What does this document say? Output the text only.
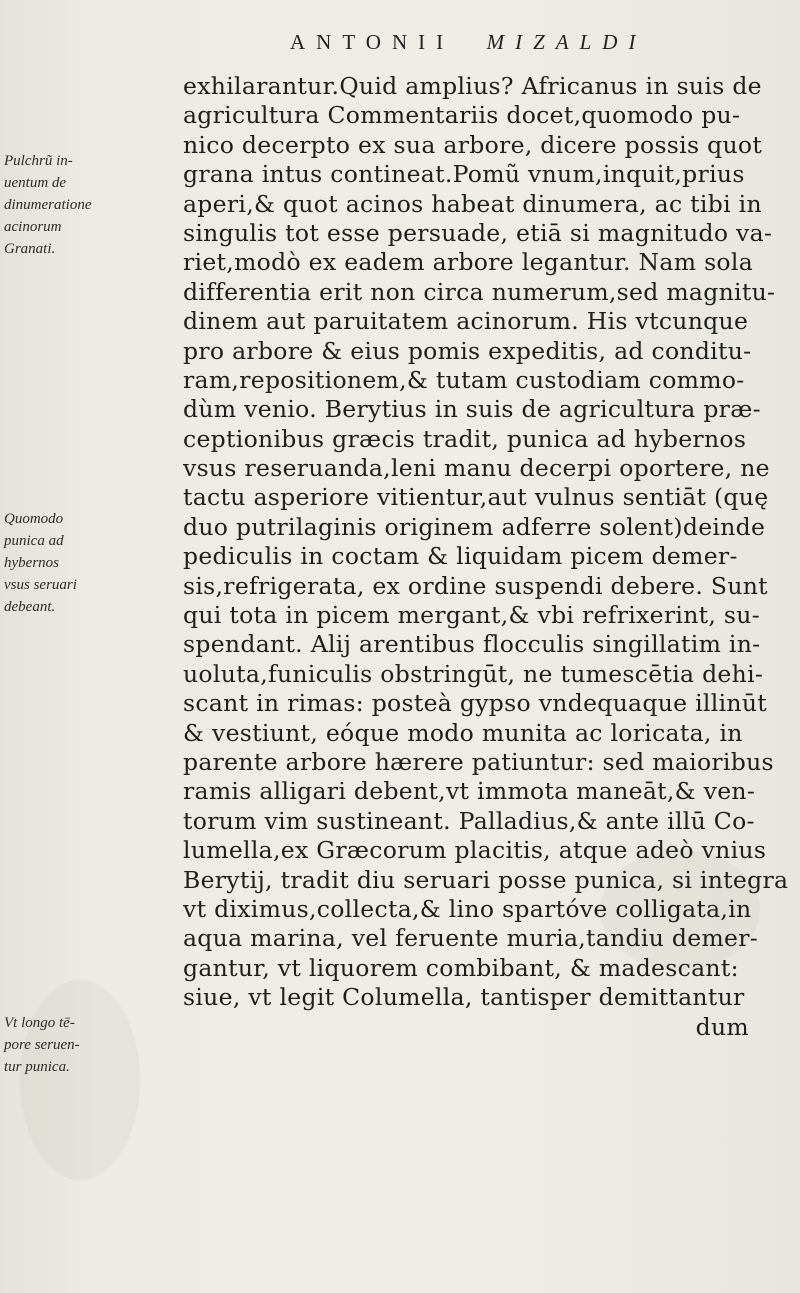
ANTONII MIZALDI
Pulchrũ in-
uentum de
dinumeratione
acinorum
Granati.
Quomodo
punica ad
hybernos
vsus seruari
debeant.
Vt longo tē-
pore seruen-
tur punica.
exhilarantur.Quid amplius? Africanus in suis de
agricultura Commentariis docet,quomodo pu-
nico decerpto ex sua arbore, dicere possis quot
grana intus contineat.Pomũ vnum,inquit,prius
aperi,& quot acinos habeat dinumera, ac tibi in
singulis tot esse persuade, etiā si magnitudo va-
riet,modò ex eadem arbore legantur. Nam sola
differentia erit non circa numerum,sed magnitu-
dinem aut paruitatem acinorum. His vtcunque
pro arbore & eius pomis expeditis, ad conditu-
ram,repositionem,& tutam custodiam commo-
dùm venio. Berytius in suis de agricultura præ-
ceptionibus græcis tradit, punica ad hybernos
vsus reseruanda,leni manu decerpi oportere, ne
tactu asperiore vitientur,aut vulnus sentiāt (quę
duo putrilaginis originem adferre solent)deinde
pediculis in coctam & liquidam picem demer-
sis,refrigerata, ex ordine suspendi debere. Sunt
qui tota in picem mergant,& vbi refrixerint, su-
spendant. Alij arentibus flocculis singillatim in-
uoluta,funiculis obstringūt, ne tumescētia dehi-
scant in rimas: posteà gypso vndequaque illinūt
& vestiunt, eóque modo munita ac loricata, in
parente arbore hærere patiuntur: sed maioribus
ramis alligari debent,vt immota maneāt,& ven-
torum vim sustineant. Palladius,& ante illū Co-
lumella,ex Græcorum placitis, atque adeò vnius
Berytij, tradit diu seruari posse punica, si integra
vt diximus,collecta,& lino spartóve colligata,in
aqua marina, vel feruente muria,tandiu demer-
gantur, vt liquorem combibant, & madescant:
siue, vt legit Columella, tantisper demittantur
dum
